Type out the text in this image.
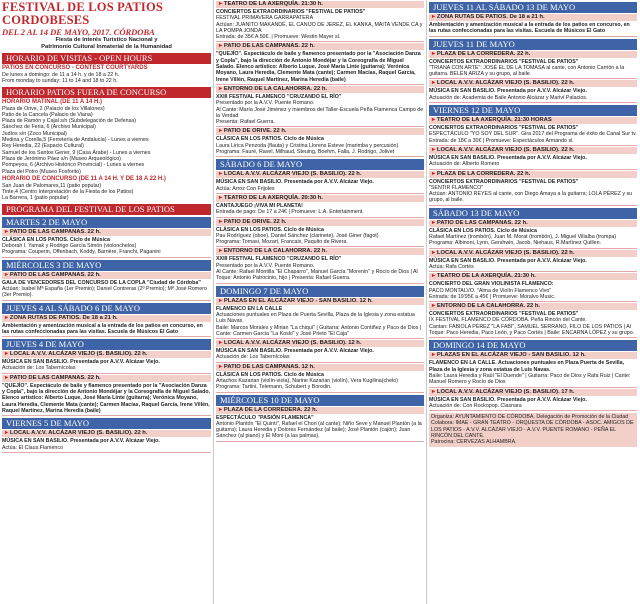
FESTIVAL DE LOS PATIOS CORDOBESES
DEL 2 AL 14 DE MAYO, 2017. CÓRDOBA
Fiesta de Interés Turístico Nacional y
Patrimonio Cultural Inmaterial de la Humanidad
HORARIO DE VISITAS - OPEN HOURS
PATIOS EN CONCURSO - CONTEST COURTYARDS
De lunes a domingo: de 11 a 14 h. y de 18 a 22 h.
From monday to sunday: 11 to 14 and 18 to 22 h.
HORARIO PATIOS FUERA DE CONCURSO
HORARIO MATINAL (DE 11 A 14 H.)
Plaza de Orive, 2 (Palacio de los Villalones)
Patio de la Cancela (Palacio de Viana)
Plaza de Ramón y Cajal s/n (Subdelegación de Defensa)
Sánchez de Feria, 6 (Archivo Municipal)
Judíos s/n (Zoco Municipal)
Medina y Corella,5 (Ferretería de Andalucía) - Lunes a viernes
Rey Heredia, 22 (Espacio Cultural)
Samuel de los Santos Gener, 9 (Casa Árabe) - Lunes a viernes
Plaza de Jerónimo Páez s/n (Museo Arqueológico)
Pompeyos, 6 (Archivo Histórico Provincial) - Lunes a viernes
Plaza del Potro (Museo Fosforito)
HORARIO DE CONCURSO (DE 11 A 14 H. Y DE 18 A 22 H.)
San Juan de Palomares,11 (patio popular)
Tinte,4 (Centro Interpretación de la Fiesta de los Patios)
La Barrera, 1 (patio popular)
PROGRAMA DEL FESTIVAL DE LOS PATIOS
MARTES 2 DE MAYO
▸ PATIO DE LAS CAMPANAS. 22 h.
CLÁSICA EN LOS PATIOS. Ciclo de Música
Deborah I. Yamak y Rodrigo García Simón (violonchelos)
Programa: Couperin, Offenbach, Koddy, Barrière, Franchi, Paganini
MIÉRCOLES 3 DE MAYO
▸ PATIO DE LAS CAMPANAS. 22 h.
GALA DE VENCEDORES DEL CONCURSO DE LA COPLA "Ciudad de Córdoba"
Actúan: Isabel Mª España (1er Premio); Daniel Contreras (2º Premio); Mª José Romero (3er Premio).
JUEVES 4 AL SÁBADO 6 DE MAYO
▸ ZONA RUTAS DE PATIOS. De 18 a 21 h.
Ambientación y amenización musical a la entrada de los patios en concurso, en las rutas confeccionadas para las visitas. Escuela de Músicos El Gato
JUEVES 4 DE MAYO
▸ LOCAL A.V.V. ALCÁZAR VIEJO (S. BASILIO). 22 h.
MÚSICA EN SAN BASILIO. Presentada por A.V.V. Alcázar Viejo.
Actuación de: Los Tabernícolas
▸ PATIO DE LAS CAMPANAS. 22 h.
"QUEJÍO". Espectáculo de baile y flamenco presentado por la "Asociación Danza y Copla", bajo la dirección de Antonio Mondéjar y la Coreografía de Miguel Salado. Elenco artístico: Alberto Luque, José María Linte (guitarra); Verónica Moyano, Laura Heredia, Clemente Mata (cante); Carmen Macías, Raquel García, Irene Villén, Raquel Martínez, Marina Heredia (baile)
VIERNES 5 DE MAYO
▸ LOCAL A.V.V. ALCÁZAR VIEJO (S. BASILIO). 22 h.
MÚSICA EN SAN BASILIO. Presentada por A.V.V. Alcázar Viejo.
Actúa: El Claus.Flamenco
▸ TEATRO DE LA AXERQUÍA. 21:30 h.
CONCIERTOS EXTRAORDINARIOS "FESTIVAL DE PATIOS"
FESTIVAL PRIMAVERA GARRAPATERA
Actúan: JUANITO MAKANDÉ, EL CANIJO DE JEREZ, EL KANKA, MAITA VENDE CA y LA POMPA JONDA
Entrada: de 35€ A 50€. | Promueve: Westin Mayer sl.
▸ PATIO DE LAS CAMPANAS. 22 h.
"QUEJÍO". Espectáculo de baile y flamenco presentado por la "Asociación Danza y Copla", bajo la dirección de Antonio Mondéjar y la Coreografía de Miguel Salado. Elenco artístico: Alberto Luque, José María Linte (guitarra); Verónica Moyano, Laura Heredia, Clemente Mata (cante); Carmen Macías, Raquel García, Irene Villén, Raquel Martínez, Marina Heredia (baile)
▸ ENTORNO DE LA CALAHORRA. 22 h.
XXIII FESTIVAL FLAMENCO "CRUZANDO EL RÍO"
Presentado por la A.V.V. Puente Romano.
Al Cante: María José Jiménez y miembros del Taller-Escuela Peña Flamenca Campo de la Verdad
Presenta: Rafael Guerra.
▸ PATIO DE ORIVE. 22 h.
CLÁSICA EN LOS PATIOS. Ciclo de Música
Laura Lirica Penzoda (flauta) y Cristina Llorens Esteve (marimba y percusión)
Programa: Fauré, Ravel, Milhaud, Steuing, Boehm, Falla, J. Rodrigo, Jolivet
SÁBADO 6 DE MAYO
▸ LOCAL A.V.V. ALCÁZAR VIEJO (S. BASILIO). 22 h.
MÚSICA EN SAN BASILIO. Presentada por A.V.V. Alcázar Viejo.
Actúa: Arroz Con Frijoles
▸ TEATRO DE LA AXERQUÍA. 20:30 h.
CANTAJUEGO ¡VIVA MI PLANETA!
Entrada de pago: De 17 a 24€ | Promueve: L.A. Entertainment.
▸ PATIO DE ORIVE. 22 h.
CLÁSICA EN LOS PATIOS. Ciclo de Música
Pau Rodríguez (oboe), Daniel Sánchez (clarinete), José Giner (fagot)
Programa: Tomasi, Mozart, Francaix, Paquito de Rivera.
▸ ENTORNO DE LA CALAHORRA. 22 h.
XXIII FESTIVAL FLAMENCO "CRUZANDO EL RÍO"
Presentado por la A.V.V. Puente Romano.
Al Cante: Rafael Montilla "El Chaparro", Manuel García "Morenín" y Rocío de Dios | Al Toque: Antonio Patrocinio, hijo | Presenta: Rafael Guerra.
DOMINGO 7 DE MAYO
▸ PLAZAS EN EL ALCÁZAR VIEJO - SAN BASILIO. 12 h.
FLAMENCO EN LA CALLE
Actuaciones puntuales en Plaza de Puerta Sevilla, Plaza de la Iglesia y zona estatua Luis Navas.
Baile: Marcos Morales y Mirian "La chiqui" | Guitarra: Antonio Contiñez y Paco de Dios | Cante: Carmen Garcia "La Koski" y José Prieto "El Caja"
▸ LOCAL A.V.V. ALCÁZAR VIEJO (S. BASILIO). 12 h.
MÚSICA EN SAN BASILIO. Presentada por A.V.V. Alcázar Viejo.
Actuación de: Los Tabernícolas
▸ PATIO DE LAS CAMPANAS. 12 h.
CLÁSICA EN LOS PATIOS. Ciclo de Música
Artachos Kazarian (violín-viola), Narine Kazarian (violín), Vera Kugilina(chelo)
Programa: Tartini, Telemann, Schubert y Borodin.
MIÉRCOLES 10 DE MAYO
▸ PLAZA DE LA CORREDERA. 22 h.
ESPECTÁCULO "PASIÓN FLAMENCA"
Antonio Plantón "El Quinti", Rafael el Chori (al cante); Niño Seve y Manuel Plantón (a la guitarra); Laura Heredia y Dolores Fernández (al baile); José Plantón (cajón); Juan Sánchez (al piano) y El Moni (a las palmas).
JUEVES 11 AL SÁBADO 13 DE MAYO
▸ ZONA RUTAS DE PATIOS. De 18 a 21 h.
Ambientación y amenización musical a la entrada de los patios en concurso, en las rutas confeccionadas para las visitas. Escuela de Músicos El Gato
JUEVES 11 DE MAYO
▸ PLAZA DE LA CORREDERA. 22 h.
CONCIERTOS EXTRAORDINARIOS "FESTIVAL DE PATIOS"
"TRIANA CON ARTE": JOSÉ EL DE LA TOMASA al cante, con Antonio Carrión a la guitarra. BELÉN ARIZA y su grupo, al baile.
▸ LOCAL A.V.V. ALCÁZAR VIEJO (S. BASILIO). 22 h.
MÚSICA EN SAN BASILIO. Presentada por A.V.V. Alcázar Viejo.
Actuación de: Academia de Baile Antonio Alcázar y Mariví Palacios.
VIERNES 12 DE MAYO
▸ TEATRO DE LA AXERQUÍA. 21:30 HORAS
CONCIERTOS EXTRAORDINARIOS "FESTIVAL DE PATIOS"
ESPECTÁCULO "YO SOY DEL SUR". Gira 2017 del Programa de éxito de Canal Sur tv.
Entrada: de 18€ a 30€ | Promueve: Espectáculos Armando sl.
▸ LOCAL A.V.V. ALCÁZAR VIEJO (S. BASILIO). 22 h.
MÚSICA EN SAN BASILIO. Presentada por A.V.V. Alcázar Viejo.
Actuación de: Alberto Romero
▸ PLAZA DE LA CORREDERA. 22 h.
CONCIERTOS EXTRAORDINARIOS "FESTIVAL DE PATIOS"
"SENTIR FLAMENCO"
Actúan: ANTONIO REYES al cante, con Diego Amaya a la guitarra; LOLA PÉREZ y su grupo, al baile.
SÁBADO 13 DE MAYO
▸ PATIO DE LAS CAMPANAS. 22 h.
CLÁSICA EN LOS PATIOS. Ciclo de Música
Rafael Martínez (trombón), Juan M. Morat (trombón), J. Miguel Villalba (trompa)
Programa: Albinoni, Lynn, Gershwin, Jacob, Niehaus, R.Martínez Quillen.
▸ LOCAL A.V.V. ALCÁZAR VIEJO (S. BASILIO). 22 h.
MÚSICA EN SAN BASILIO. Presentada por A.V.V. Alcázar Viejo.
Actúa: Rafa Cortés
▸ TEATRO DE LA AXERQUÍA. 21:30 h.
CONCIERTO DEL GRAN VIOLINISTA FLAMENCO:
PACO MONTALVO. "Alma de Violín Flamenco Vivo"
Entrada: de 19'95€ a 45€ | Promueve: Moralvo Music.
▸ ENTORNO DE LA CALAHORRA. 22 h.
CONCIERTOS EXTRAORDINARIOS "FESTIVAL DE PATIOS"
IX FESTIVAL FLAMENCO DE CÓRDOBA. Peña Rincón del Cante.
Cantan: FABIOLA PÉREZ "LA FABI", SAMUEL SERRANO, FILO DE LOS PATIOS | Al Toque: Paco Heredia, Paco León, y Paco Cortés | Baile: ENCARNA LÓPEZ y su grupo.
DOMINGO 14 DE MAYO
▸ PLAZAS EN EL ALCÁZAR VIEJO - SAN BASILIO. 12 h.
FLAMENCO EN LA CALLE. Actuaciones puntuales en Plaza Puerta de Sevilla, Plaza de la Iglesia y zona estatua de Luis Navas.
Baile: Laura Heredia y Raúl "El Duende" | Guitarra: Paco de Dios y Rafa Ruiz | Cante: Manuel Romero y Rocío de Dios
▸ LOCAL A.V.V. ALCÁZAR VIEJO (S. BASILIO). 17 h.
MÚSICA EN SAN BASILIO. Presentada por A.V.V. Alcázar Viejo.
Actuación de: Con Rockopop. Clasnara
Organiza: AYUNTAMIENTO DE CÓRDOBA. Delegación de Promoción de la Ciudad
Colabora: IMAE - GRAN TEATRO - ORQUESTA DE CÓRDOBA - ASOC. AMIGOS DE LOS PATIOS - A.V.V. ALCÁZAR VIEJO - A.V.V. PUENTE ROMANO - PEÑA EL RINCÓN DEL CANTE.
Patrocina: CERVEZAS ALHAMBRA.
